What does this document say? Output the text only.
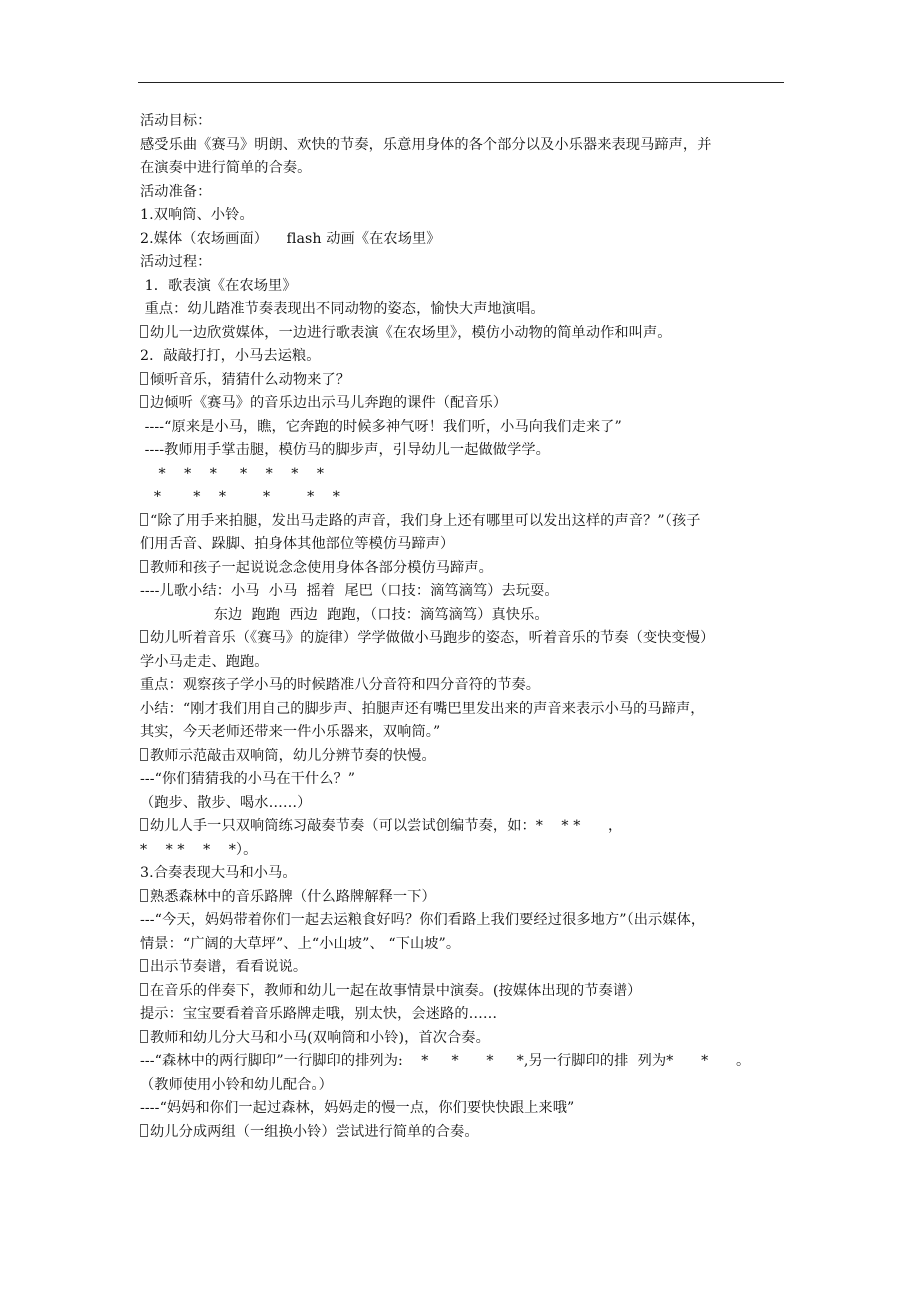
活动目标：
感受乐曲《赛马》明朗、欢快的节奏，乐意用身体的各个部分以及小乐器来表现马蹄声，并
在演奏中进行简单的合奏。
活动准备：
1.双响筒、小铃。
2.媒体（农场画面）    flash 动画《在农场里》
活动过程：
1．歌表演《在农场里》
重点：幼儿踏准节奏表现出不同动物的姿态，愉快大声地演唱。
幼儿一边欣赏媒体，一边进行歌表演《在农场里》，模仿小动物的简单动作和叫声。
2．敲敲打打，小马去运粮。
倾听音乐，猜猜什么动物来了？
边倾听《赛马》的音乐边出示马儿奔跑的课件（配音乐）
----“原来是小马，瞧，它奔跑的时候多神气呀！我们听，小马向我们走来了”
----教师用手掌击腿，模仿马的脚步声，引导幼儿一起做做学学。
*    *    *     *    *    *    *
*       *    *        *        *    *
“除了用手来拍腿，发出马走路的声音，我们身上还有哪里可以发出这样的声音？”（孩子
们用舌音、跺脚、拍身体其他部位等模仿马蹄声）
教师和孩子一起说说念念使用身体各部分模仿马蹄声。
----儿歌小结：小马  小马  摇着  尾巴（口技：滴笃滴笃）去玩耍。
东边  跑跑  西边  跑跑，（口技：滴笃滴笃）真快乐。
幼儿听着音乐（《赛马》的旋律）学学做做小马跑步的姿态，听着音乐的节奏（变快变慢）
学小马走走、跑跑。
重点：观察孩子学小马的时候踏准八分音符和四分音符的节奏。
小结：“刚才我们用自己的脚步声、拍腿声还有嘴巴里发出来的声音来表示小马的马蹄声，
其实，今天老师还带来一件小乐器来，双响筒。”
教师示范敲击双响筒，幼儿分辨节奏的快慢。
---“你们猜猜我的小马在干什么？”
（跑步、散步、喝水……）
幼儿人手一只双响筒练习敲奏节奏（可以尝试创编节奏，如：*    * *      ，
*    * *    *    *）。
3.合奏表现大马和小马。
熟悉森林中的音乐路牌（什么路牌解释一下）
---“今天，妈妈带着你们一起去运粮食好吗？你们看路上我们要经过很多地方”（出示媒体，
情景：“广阔的大草坪”、上“小山坡”、 “下山坡”。
出示节奏谱，看看说说。
在音乐的伴奏下，教师和幼儿一起在故事情景中演奏。(按媒体出现的节奏谱）
提示：宝宝要看着音乐路牌走哦，别太快，会迷路的……
教师和幼儿分大马和小马(双响筒和小铃)，首次合奏。
---“森林中的两行脚印”一行脚印的排列为:    *     *      *     *,另一行脚印的排  列为*      *      。
（教师使用小铃和幼儿配合。）
----“妈妈和你们一起过森林，妈妈走的慢一点，你们要快快跟上来哦”
幼儿分成两组（一组换小铃）尝试进行简单的合奏。
